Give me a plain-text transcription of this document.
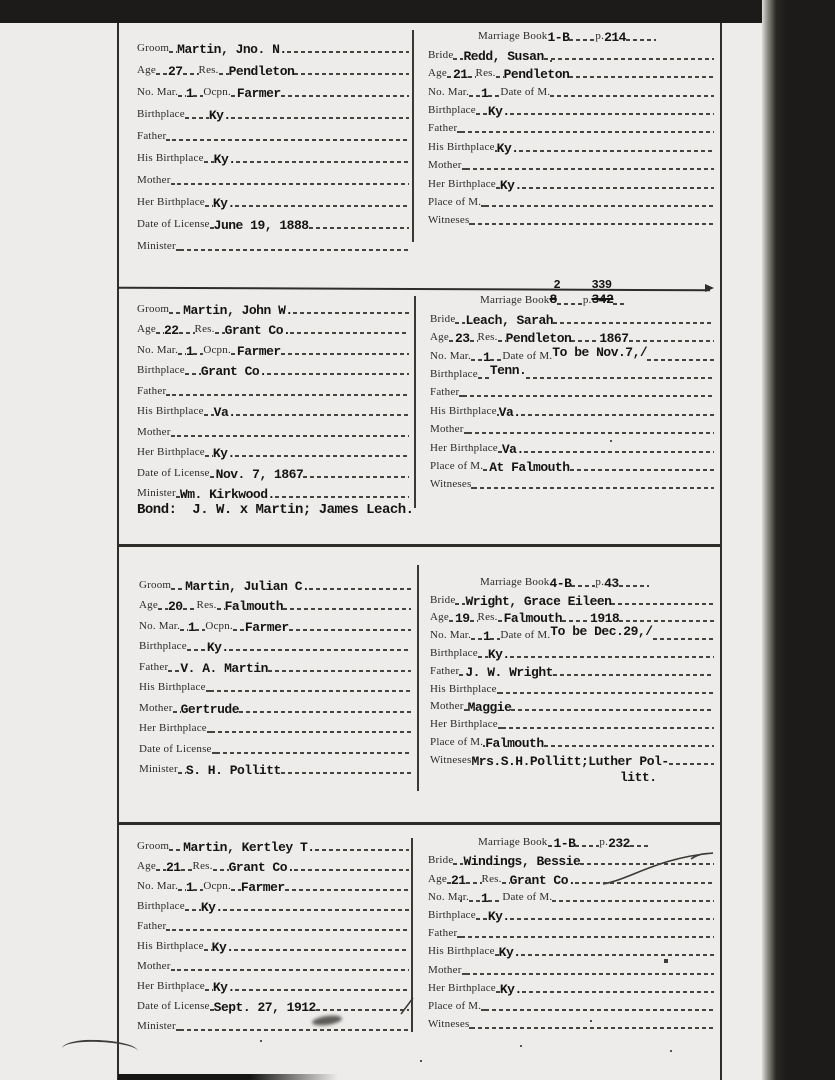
Groom Martin, Jno. N.
Age 27 Res. Pendleton
No. Mar. 1 Ocpn. Farmer
Birthplace Ky.
Father
His Birthplace Ky.
Mother
Her Birthplace Ky.
Date of License June 19, 1888
Minister
Marriage Book 1-B p. 214
Bride Redd, Susan
Age 21 Res. Pendleton
No. Mar. 1 Date of M.
Birthplace Ky.
Father
His Birthplace Ky.
Mother
Her Birthplace Ky.
Place of M.
Witneses
Groom Martin, John W.
Age 22 Res. Grant Co.
No. Mar. 1 Ocpn. Farmer
Birthplace Grant Co.
Father
His Birthplace Va.
Mother
Her Birthplace Ky.
Date of License Nov. 7, 1867
Minister Wm. Kirkwood.
Bond:  J. W. x Martin; James Leach.
Marriage Book
2
8 p.
339
342
Bride Leach, Sarah
Age 23 Res. Pendleton 1867
No. Mar. 1 Date of M. To be Nov.7,/
Birthplace Tenn.
Father
His Birthplace Va.
Mother
Her Birthplace Va.
Place of M. At Falmouth
Witneses
Groom Martin, Julian C.
Age 20 Res. Falmouth
No. Mar. 1 Ocpn. Farmer
Birthplace Ky.
Father V. A. Martin
His Birthplace
Mother Gertrude
Her Birthplace
Date of License
Minister S. H. Pollitt
Marriage Book 4-B p. 43
Bride Wright, Grace Eileen
Age 19 Res. Falmouth 1918
No. Mar. 1 Date of M. To be Dec.29,/
Birthplace Ky.
Father J. W. Wright
His Birthplace
Mother Maggie
Her Birthplace
Place of M. Falmouth
Witneses Mrs.S.H.Pollitt;Luther Pol-
litt.
Groom Martin, Kertley T.
Age 21 Res. Grant Co.
No. Mar. 1 Ocpn. Farmer
Birthplace Ky.
Father
His Birthplace Ky.
Mother
Her Birthplace Ky.
Date of License Sept. 27, 1912
Minister
Marriage Book 1-B p. 232
Bride Windings, Bessie
Age 21 Res. Grant Co.
No. Mar. 1 Date of M.
Birthplace Ky.
Father
His Birthplace Ky.
Mother
Her Birthplace Ky.
Place of M.
Witneses
